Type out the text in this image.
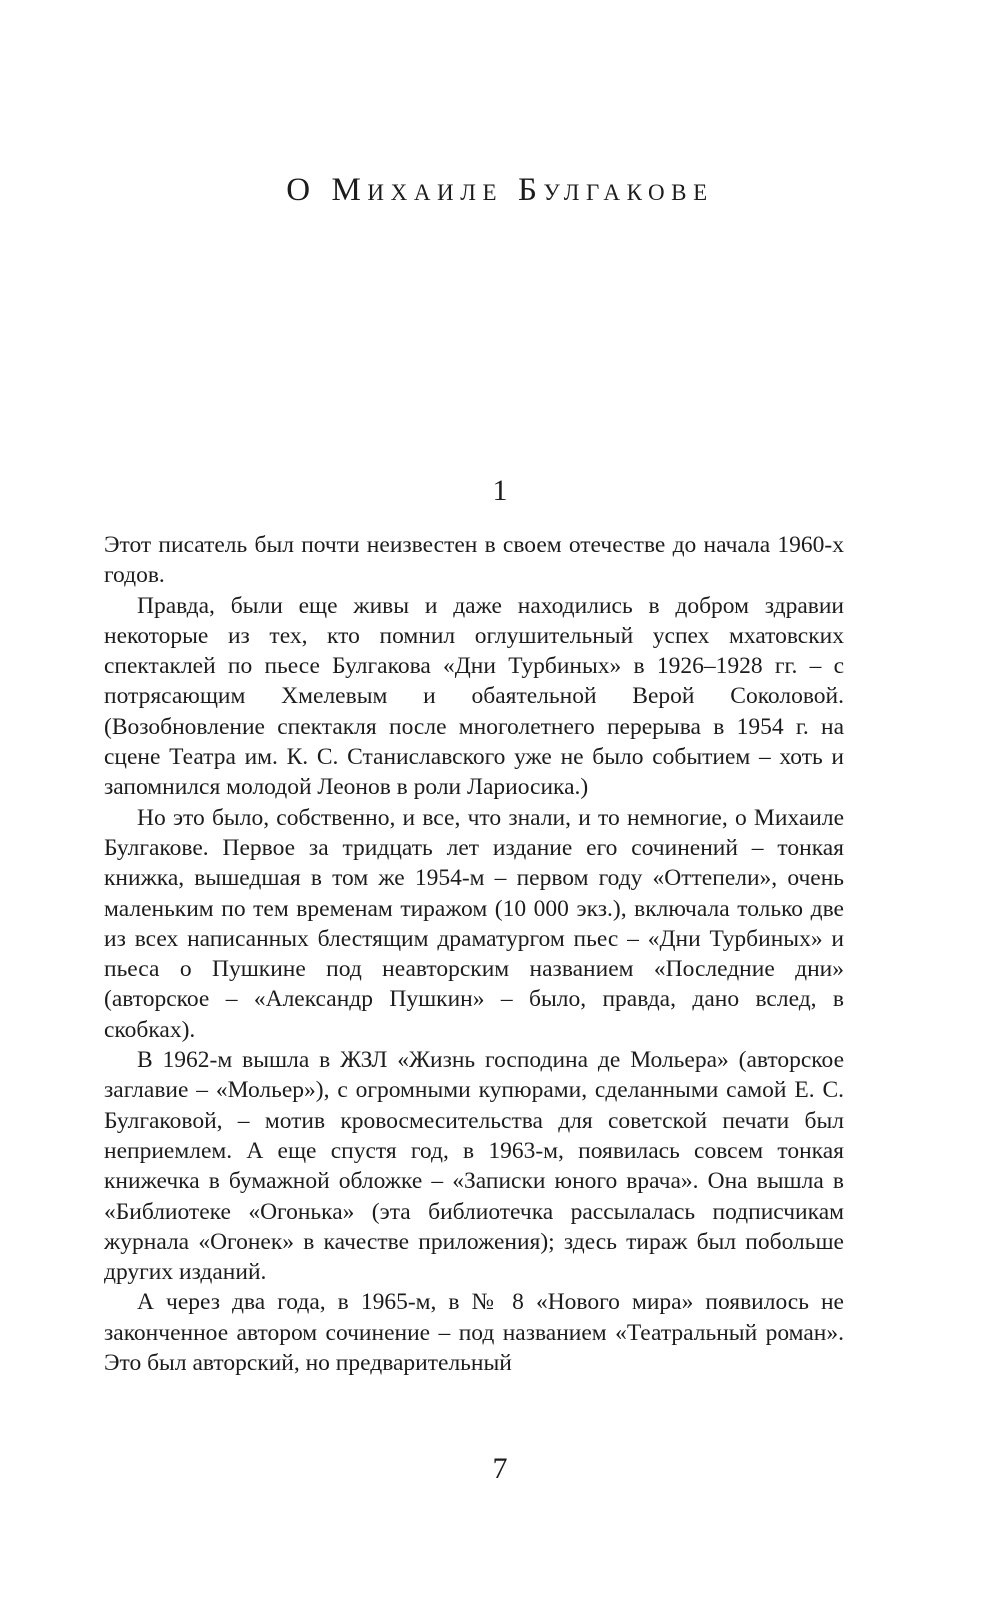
О Михаиле Булгакове
1

Этот писатель был почти неизвестен в своем отечестве до начала 1960-х годов.

Правда, были еще живы и даже находились в добром здравии некоторые из тех, кто помнил оглушительный успех мхатовских спектаклей по пьесе Булгакова «Дни Турбиных» в 1926–1928 гг. – с потрясающим Хмелевым и обаятельной Верой Соколовой. (Возобновление спектакля после многолетнего перерыва в 1954 г. на сцене Театра им. К. С. Станиславского уже не было событием – хоть и запомнился молодой Леонов в роли Лариосика.)

Но это было, собственно, и все, что знали, и то немногие, о Михаиле Булгакове. Первое за тридцать лет издание его сочинений – тонкая книжка, вышедшая в том же 1954-м – первом году «Оттепели», очень маленьким по тем временам тиражом (10 000 экз.), включала только две из всех написанных блестящим драматургом пьес – «Дни Турбиных» и пьеса о Пушкине под неавторским названием «Последние дни» (авторское – «Александр Пушкин» – было, правда, дано вслед, в скобках).

В 1962-м вышла в ЖЗЛ «Жизнь господина де Мольера» (авторское заглавие – «Мольер»), с огромными купюрами, сделанными самой Е. С. Булгаковой, – мотив кровосмесительства для советской печати был неприемлем. А еще спустя год, в 1963-м, появилась совсем тонкая книжечка в бумажной обложке – «Записки юного врача». Она вышла в «Библиотеке «Огонька» (эта библиотечка рассылалась подписчикам журнала «Огонек» в качестве приложения); здесь тираж был побольше других изданий.

А через два года, в 1965-м, в № 8 «Нового мира» появилось не законченное автором сочинение – под названием «Театральный роман». Это был авторский, но предварительный

7
